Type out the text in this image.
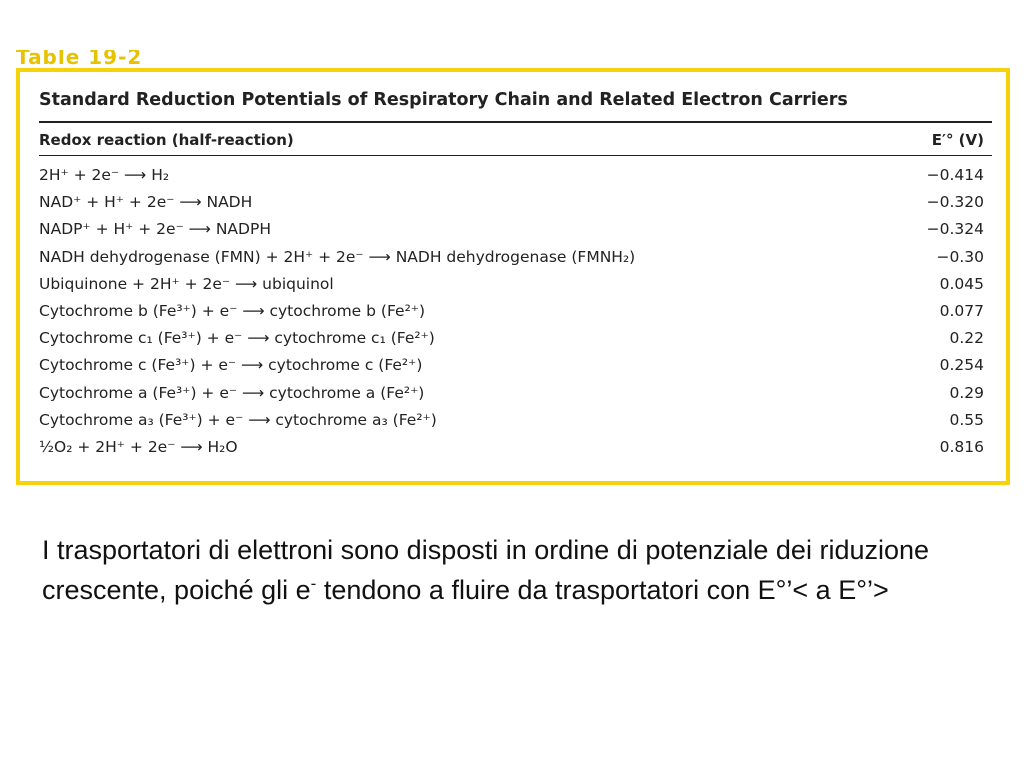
Table 19-2
Standard Reduction Potentials of Respiratory Chain and Related Electron Carriers
Redox reaction (half-reaction)	E′° (V)
2H⁺ + 2e⁻ ⟶ H₂	−0.414
NAD⁺ + H⁺ + 2e⁻ ⟶ NADH	−0.320
NADP⁺ + H⁺ + 2e⁻ ⟶ NADPH	−0.324
NADH dehydrogenase (FMN) + 2H⁺ + 2e⁻ ⟶ NADH dehydrogenase (FMNH₂)	−0.30
Ubiquinone + 2H⁺ + 2e⁻ ⟶ ubiquinol	0.045
Cytochrome b (Fe³⁺) + e⁻ ⟶ cytochrome b (Fe²⁺)	0.077
Cytochrome c₁ (Fe³⁺) + e⁻ ⟶ cytochrome c₁ (Fe²⁺)	0.22
Cytochrome c (Fe³⁺) + e⁻ ⟶ cytochrome c (Fe²⁺)	0.254
Cytochrome a (Fe³⁺) + e⁻ ⟶ cytochrome a (Fe²⁺)	0.29
Cytochrome a₃ (Fe³⁺) + e⁻ ⟶ cytochrome a₃ (Fe²⁺)	0.55
½O₂ + 2H⁺ + 2e⁻ ⟶ H₂O	0.816
I trasportatori di elettroni sono disposti in ordine di potenziale dei riduzione crescente, poiché gli e- tendono a fluire da trasportatori con E°’< a E°’>
